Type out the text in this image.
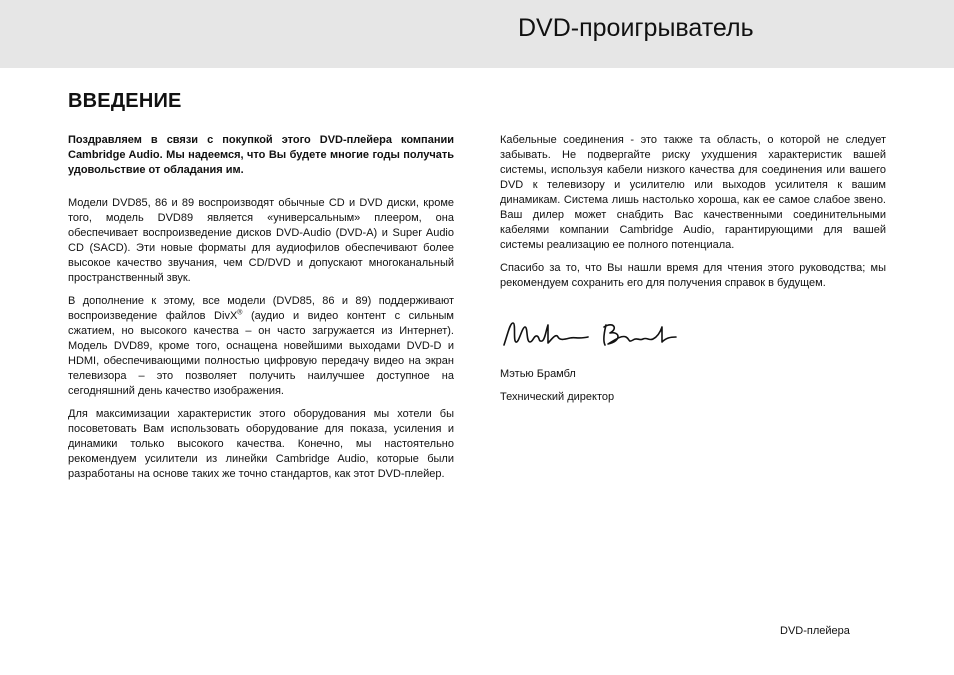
DVD-проигрыватель
ВВЕДЕНИЕ

Поздравляем в связи с покупкой этого DVD-плейера компании Cambridge Audio. Мы надеемся, что Вы будете многие годы получать удовольствие от обладания им.

Модели DVD85, 86 и 89 воспроизводят обычные CD и DVD диски, кроме того, модель DVD89 является «универсальным» плеером, она обеспечивает воспроизведение дисков DVD-Audio (DVD-A) и Super Audio CD (SACD). Эти новые форматы для аудиофилов обеспечивают более высокое качество звучания, чем CD/DVD и допускают многоканальный пространственный звук.

В дополнение к этому, все модели (DVD85, 86 и 89) поддерживают воспроизведение файлов DivX® (аудио и видео контент с сильным сжатием, но высокого качества – он часто загружается из Интернет). Модель DVD89, кроме того, оснащена новейшими выходами DVD-D и HDMI, обеспечивающими полностью цифровую передачу видео на экран телевизора – это позволяет получить наилучшее доступное на сегодняшний день качество изображения.

Для максимизации характеристик этого оборудования мы хотели бы посоветовать Вам использовать оборудование для показа, усиления и динамики только высокого качества. Конечно, мы настоятельно рекомендуем усилители из линейки Cambridge Audio, которые были разработаны на основе таких же точно стандартов, как этот DVD-плейер.

Кабельные соединения - это также та область, о которой не следует забывать. Не подвергайте риску ухудшения характеристик вашей системы, используя кабели низкого качества для соединения или вашего DVD к телевизору и усилителю или выходов усилителя к вашим динамикам. Система лишь настолько хороша, как ее самое слабое звено. Ваш дилер может снабдить Вас качественными соединительными кабелями компании Cambridge Audio, гарантирующими для вашей системы реализацию ее полного потенциала.

Спасибо за то, что Вы нашли время для чтения этого руководства; мы рекомендуем сохранить его для получения справок в будущем.

Мэтью Брамбл

Технический директор

DVD-плейера
